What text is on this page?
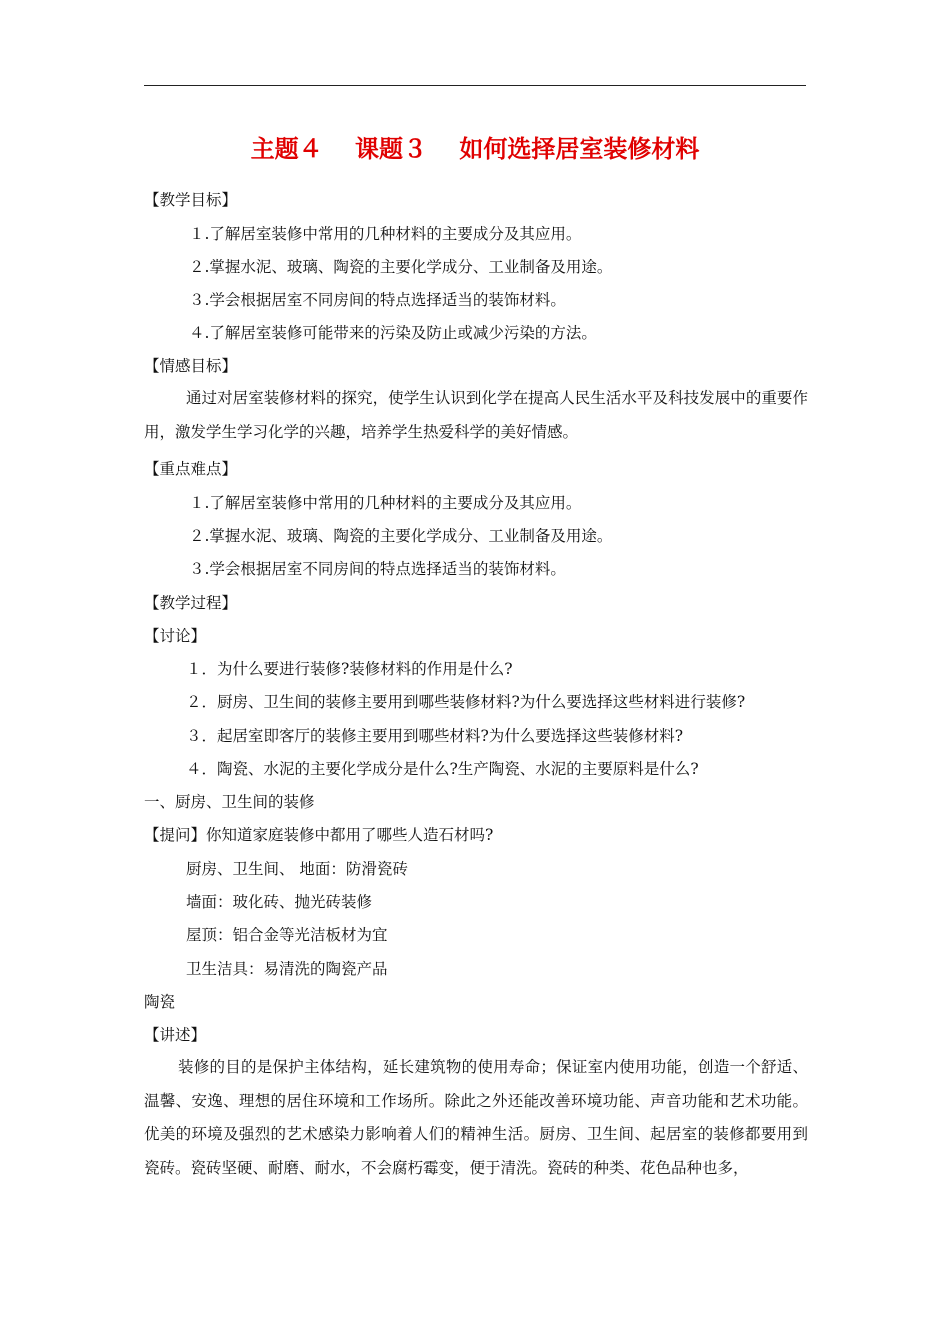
主题４　 课题３　 如何选择居室装修材料
【教学目标】
１.了解居室装修中常用的几种材料的主要成分及其应用。
２.掌握水泥、玻璃、陶瓷的主要化学成分、工业制备及用途。
３.学会根据居室不同房间的特点选择适当的装饰材料。
４.了解居室装修可能带来的污染及防止或减少污染的方法。
【情感目标】
通过对居室装修材料的探究，使学生认识到化学在提高人民生活水平及科技发展中的重要作用，激发学生学习化学的兴趣，培养学生热爱科学的美好情感。
【重点难点】
１.了解居室装修中常用的几种材料的主要成分及其应用。
２.掌握水泥、玻璃、陶瓷的主要化学成分、工业制备及用途。
３.学会根据居室不同房间的特点选择适当的装饰材料。
【教学过程】
【讨论】
１．为什么要进行装修?装修材料的作用是什么?
２．厨房、卫生间的装修主要用到哪些装修材料?为什么要选择这些材料进行装修?
３．起居室即客厅的装修主要用到哪些材料?为什么要选择这些装修材料?
４．陶瓷、水泥的主要化学成分是什么?生产陶瓷、水泥的主要原料是什么?
一、厨房、卫生间的装修
【提问】你知道家庭装修中都用了哪些人造石材吗?
厨房、卫生间、 地面：防滑瓷砖
墙面：玻化砖、抛光砖装修
屋顶：铝合金等光洁板材为宜
卫生洁具：易清洗的陶瓷产品
陶瓷
【讲述】
装修的目的是保护主体结构，延长建筑物的使用寿命；保证室内使用功能，创造一个舒适、温馨、安逸、理想的居住环境和工作场所。除此之外还能改善环境功能、声音功能和艺术功能。优美的环境及强烈的艺术感染力影响着人们的精神生活。厨房、卫生间、起居室的装修都要用到瓷砖。瓷砖坚硬、耐磨、耐水，不会腐朽霉变，便于清洗。瓷砖的种类、花色品种也多，
